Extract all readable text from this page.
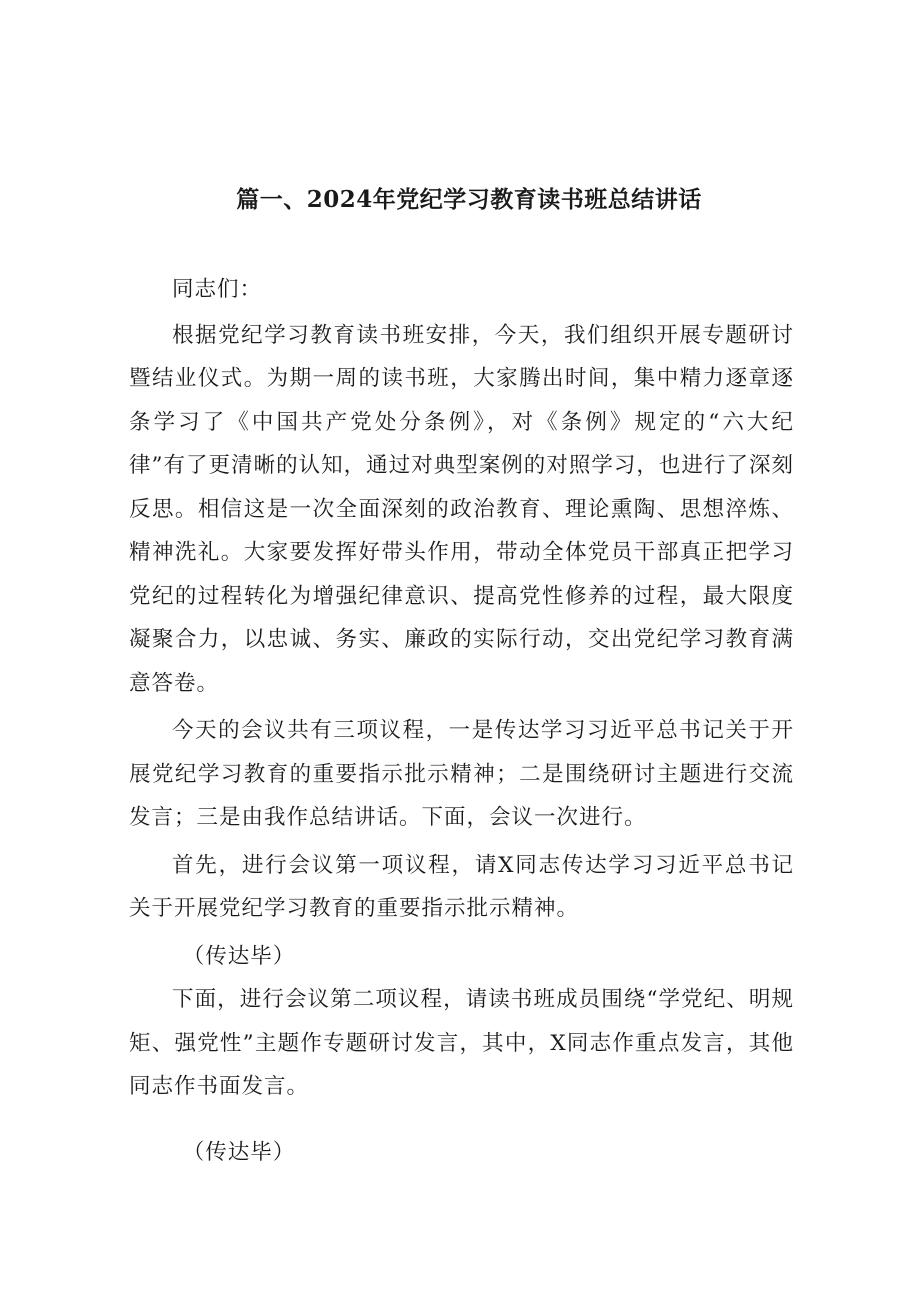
篇一、2024年党纪学习教育读书班总结讲话

同志们：

根据党纪学习教育读书班安排，今天，我们组织开展专题研讨暨结业仪式。为期一周的读书班，大家腾出时间，集中精力逐章逐条学习了《中国共产党处分条例》，对《条例》规定的“六大纪律”有了更清晰的认知，通过对典型案例的对照学习，也进行了深刻反思。相信这是一次全面深刻的政治教育、理论熏陶、思想淬炼、精神洗礼。大家要发挥好带头作用，带动全体党员干部真正把学习党纪的过程转化为增强纪律意识、提高党性修养的过程，最大限度凝聚合力，以忠诚、务实、廉政的实际行动，交出党纪学习教育满意答卷。

今天的会议共有三项议程，一是传达学习习近平总书记关于开展党纪学习教育的重要指示批示精神；二是围绕研讨主题进行交流发言；三是由我作总结讲话。下面，会议一次进行。

首先，进行会议第一项议程，请X同志传达学习习近平总书记关于开展党纪学习教育的重要指示批示精神。

（传达毕）

下面，进行会议第二项议程，请读书班成员围绕“学党纪、明规矩、强党性”主题作专题研讨发言，其中，X同志作重点发言，其他同志作书面发言。

（传达毕）
